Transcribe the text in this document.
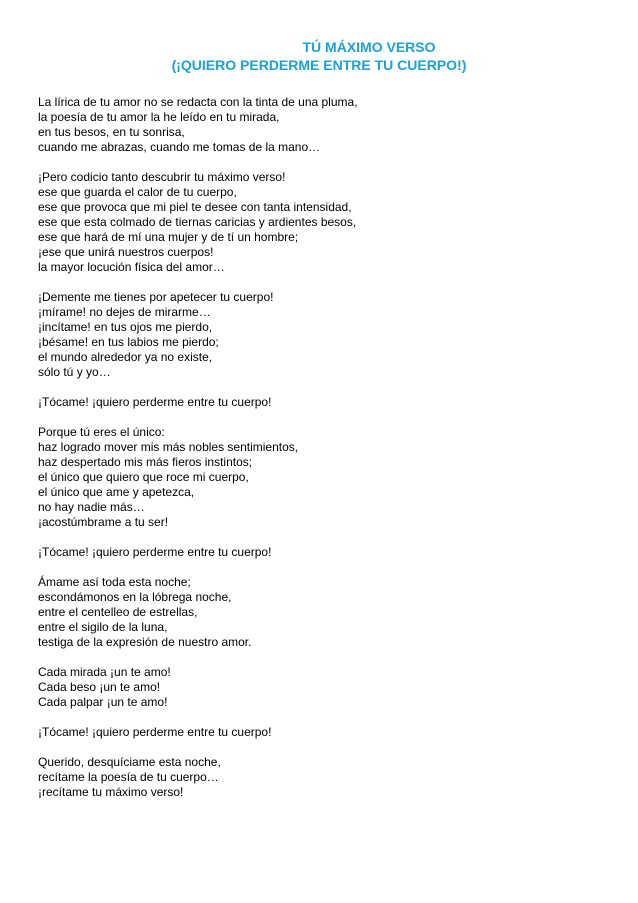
TÚ MÁXIMO VERSO
(¡QUIERO PERDERME ENTRE TU CUERPO!)
La lírica de tu amor no se redacta con la tinta de una pluma,
la poesía de tu amor la he leído en tu mirada,
en tus besos, en tu sonrisa,
cuando me abrazas, cuando me tomas de la mano…
¡Pero codicio tanto descubrir tu máximo verso!
ese que guarda el calor de tu cuerpo,
ese que provoca que mi piel te desee con tanta intensidad,
ese que esta colmado de tiernas caricias y ardientes besos,
ese que hará de mí una mujer y de tí un hombre;
¡ese que unirá nuestros cuerpos!
la mayor locución física del amor…
¡Demente me tienes por apetecer tu cuerpo!
¡mírame! no dejes de mirarme…
¡incítame! en tus ojos me pierdo,
¡bésame! en tus labios me pierdo;
el mundo alrededor ya no existe,
sólo tú y yo…
¡Tócame! ¡quiero perderme entre tu cuerpo!
Porque tú eres el único:
haz logrado mover mis más nobles sentimientos,
haz despertado mis más fieros instintos;
el único que quiero que roce mi cuerpo,
el único que ame y apetezca,
no hay nadie más…
¡acostúmbrame a tu ser!
¡Tócame! ¡quiero perderme entre tu cuerpo!
Ámame así toda esta noche;
escondámonos en la lóbrega noche,
entre el centelleo de estrellas,
entre el sigilo de la luna,
testiga de la expresión de nuestro amor.
Cada mirada ¡un te amo!
Cada beso ¡un te amo!
Cada palpar ¡un te amo!
¡Tócame! ¡quiero perderme entre tu cuerpo!
Querido, desquíciame esta noche,
recítame la poesía de tu cuerpo…
¡recítame tu máximo verso!
